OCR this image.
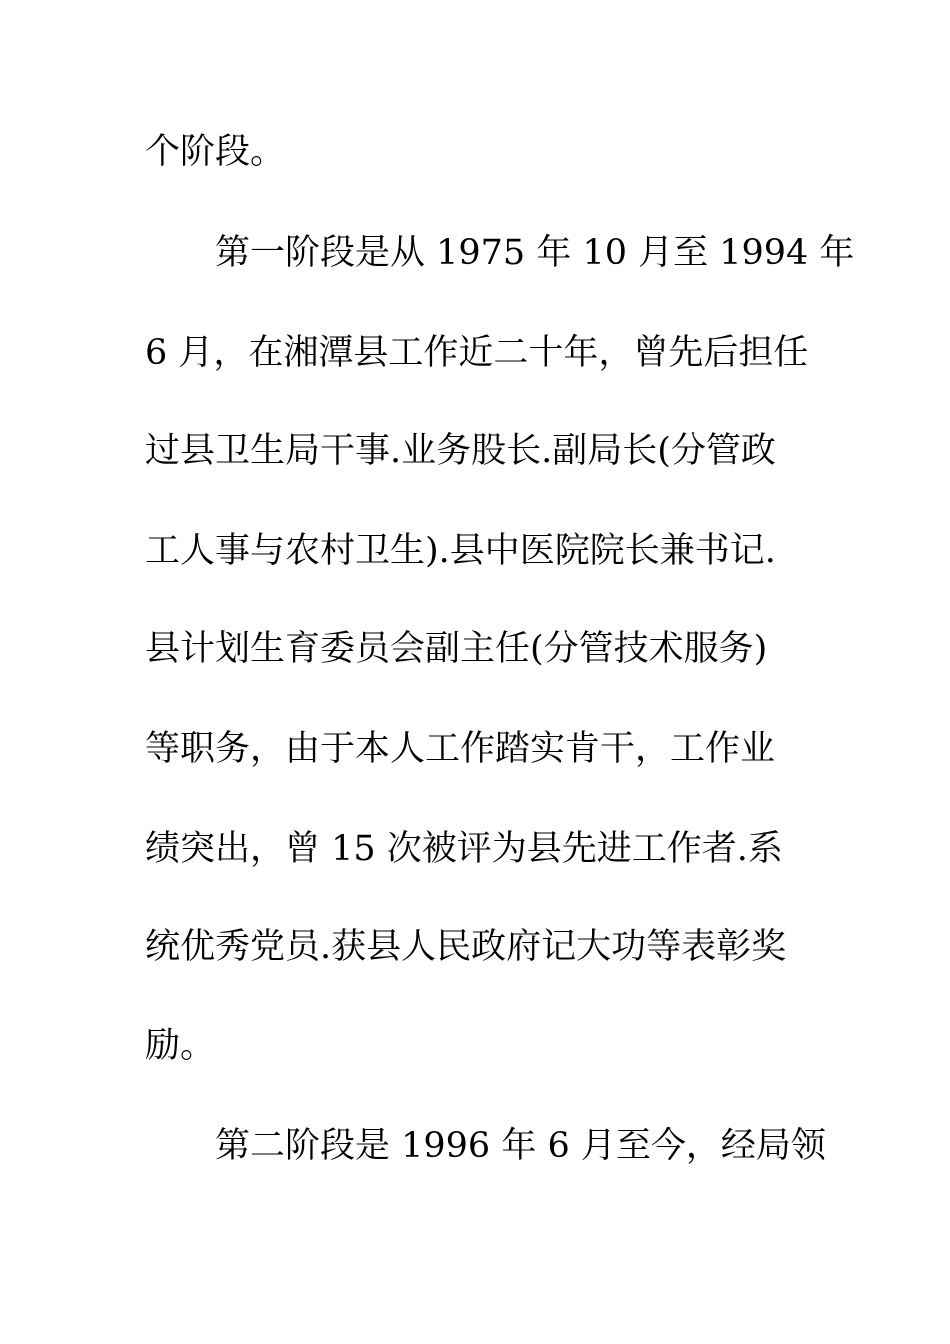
个阶段。
第一阶段是从 1975 年 10 月至 1994 年
6 月，在湘潭县工作近二十年，曾先后担任
过县卫生局干事.业务股长.副局长(分管政
工人事与农村卫生).县中医院院长兼书记.
县计划生育委员会副主任(分管技术服务)
等职务，由于本人工作踏实肯干，工作业
绩突出，曾 15 次被评为县先进工作者.系
统优秀党员.获县人民政府记大功等表彰奖
励。
第二阶段是 1996 年 6 月至今，经局领
